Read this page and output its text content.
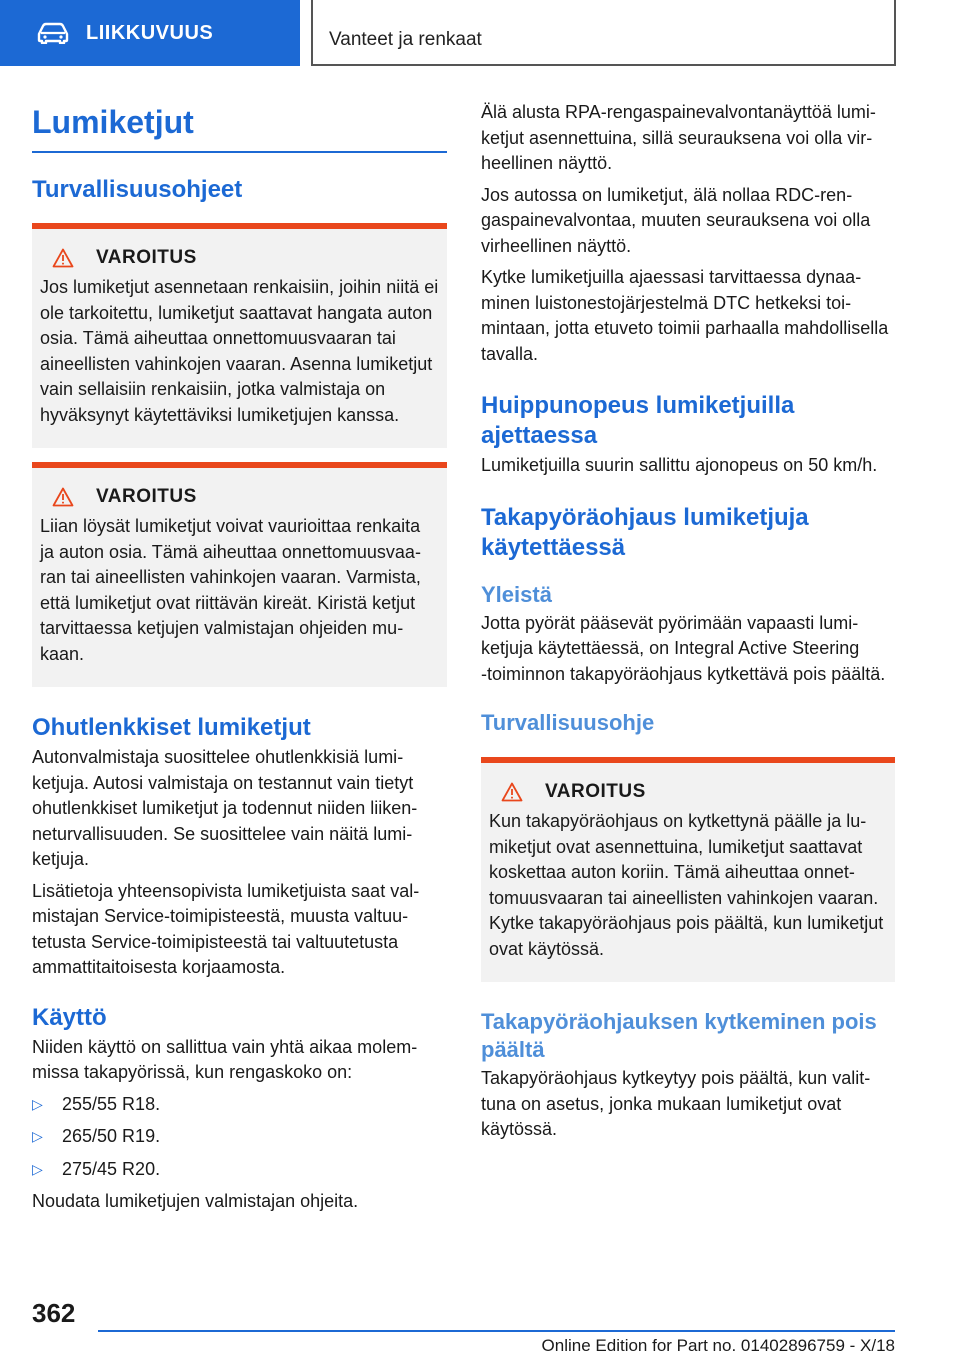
LIIKKUVUUS	Vanteet ja renkaat
Lumiketjut
Turvallisuusohjeet
VAROITUS

Jos lumiketjut asennetaan renkaisiin, joihin niitä ei ole tarkoitettu, lumiketjut saattavat hangata auton osia. Tämä aiheuttaa onnettomuusvaaran tai aineellisten vahinkojen vaaran. Asenna lumiketjut vain sellaisiin renkaisiin, jotka valmistaja on hyväksynyt käytettäviksi lumiketjujen kanssa.

VAROITUS

Liian löysät lumiketjut voivat vaurioittaa renkaita ja auton osia. Tämä aiheuttaa onnettomuusvaaran tai aineellisten vahinkojen vaaran. Varmista, että lumiketjut ovat riittävän kireät. Kiristä ketjut tarvittaessa ketjujen valmistajan ohjeiden mukaan.

Ohutlenkkiset lumiketjut

Autonvalmistaja suosittelee ohutlenkkisiä lumiketjuja. Autosi valmistaja on testannut vain tietyt ohutlenkkiset lumiketjut ja todennut niiden liikenneturvallisuuden. Se suosittelee vain näitä lumiketjuja.

Lisätietoja yhteensopivista lumiketjuista saat valmistajan Service-toimipisteestä, muusta valtuutetusta Service-toimipisteestä tai valtuutetusta ammattitaitoisesta korjaamosta.

Käyttö

Niiden käyttö on sallittua vain yhtä aikaa molemmissa takapyörissä, kun rengaskoko on:

▷	255/55 R18.
▷	265/50 R19.
▷	275/45 R20.

Noudata lumiketjujen valmistajan ohjeita.

Älä alusta RPA-rengaspainevalvontanäyttöä lumiketjut asennettuina, sillä seurauksena voi olla virheellinen näyttö.

Jos autossa on lumiketjut, älä nollaa RDC-rengaspainevalvontaa, muuten seurauksena voi olla virheellinen näyttö.

Kytke lumiketjuilla ajaessasi tarvittaessa dynaaminen luistonestojärjestelmä DTC hetkeksi toimintaan, jotta etuveto toimii parhaalla mahdollisella tavalla.

Huippunopeus lumiketjuilla ajettaessa

Lumiketjuilla suurin sallittu ajonopeus on 50 km/h.

Takapyöräohjaus lumiketjuja käytettäessä
Yleistä

Jotta pyörät pääsevät pyörimään vapaasti lumiketjuja käytettäessä, on Integral Active Steering ‑toiminnon takapyöräohjaus kytkettävä pois päältä.

Turvallisuusohje
VAROITUS

Kun takapyöräohjaus on kytkettynä päälle ja lumiketjut ovat asennettuina, lumiketjut saattavat koskettaa auton koriin. Tämä aiheuttaa onnettomuusvaaran tai aineellisten vahinkojen vaaran. Kytke takapyöräohjaus pois päältä, kun lumiketjut ovat käytössä.

Takapyöräohjauksen kytkeminen pois päältä

Takapyöräohjaus kytkeytyy pois päältä, kun valittuna on asetus, jonka mukaan lumiketjut ovat käytössä.

362
Online Edition for Part no. 01402896759 - X/18
